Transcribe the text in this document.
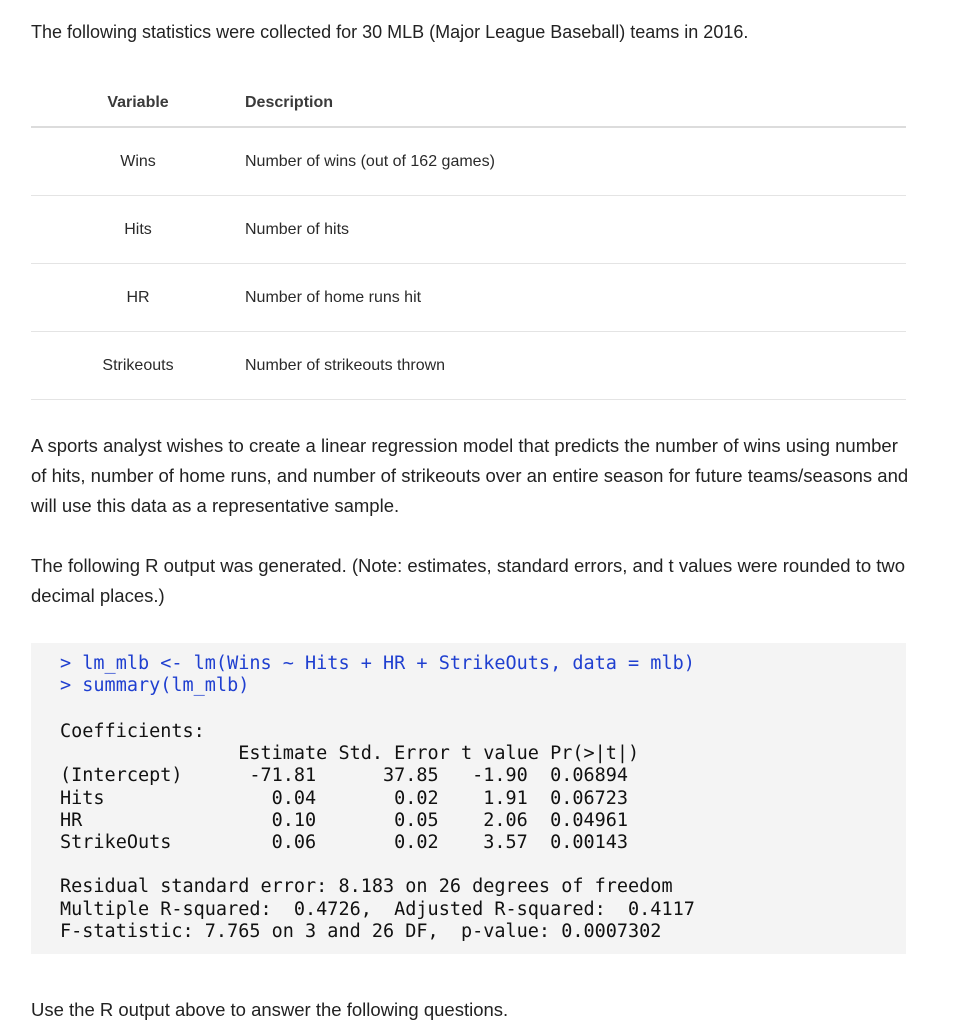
The following statistics were collected for 30 MLB (Major League Baseball) teams in 2016.
Variable	Description
Wins	Number of wins (out of 162 games)
Hits	Number of hits
HR	Number of home runs hit
Strikeouts	Number of strikeouts thrown
A sports analyst wishes to create a linear regression model that predicts the number of wins using number of hits, number of home runs, and number of strikeouts over an entire season for future teams/seasons and will use this data as a representative sample.
The following R output was generated. (Note: estimates, standard errors, and t values were rounded to two decimal places.)
> lm_mlb <- lm(Wins ~ Hits + HR + StrikeOuts, data = mlb)
> summary(lm_mlb)
Coefficients:
Estimate Std. Error t value Pr(>|t|)
(Intercept)      -71.81      37.85   -1.90  0.06894
Hits               0.04       0.02    1.91  0.06723
HR                 0.10       0.05    2.06  0.04961
StrikeOuts         0.06       0.02    3.57  0.00143

Residual standard error: 8.183 on 26 degrees of freedom
Multiple R-squared:  0.4726,  Adjusted R-squared:  0.4117
F-statistic: 7.765 on 3 and 26 DF,  p-value: 0.0007302
Use the R output above to answer the following questions.
